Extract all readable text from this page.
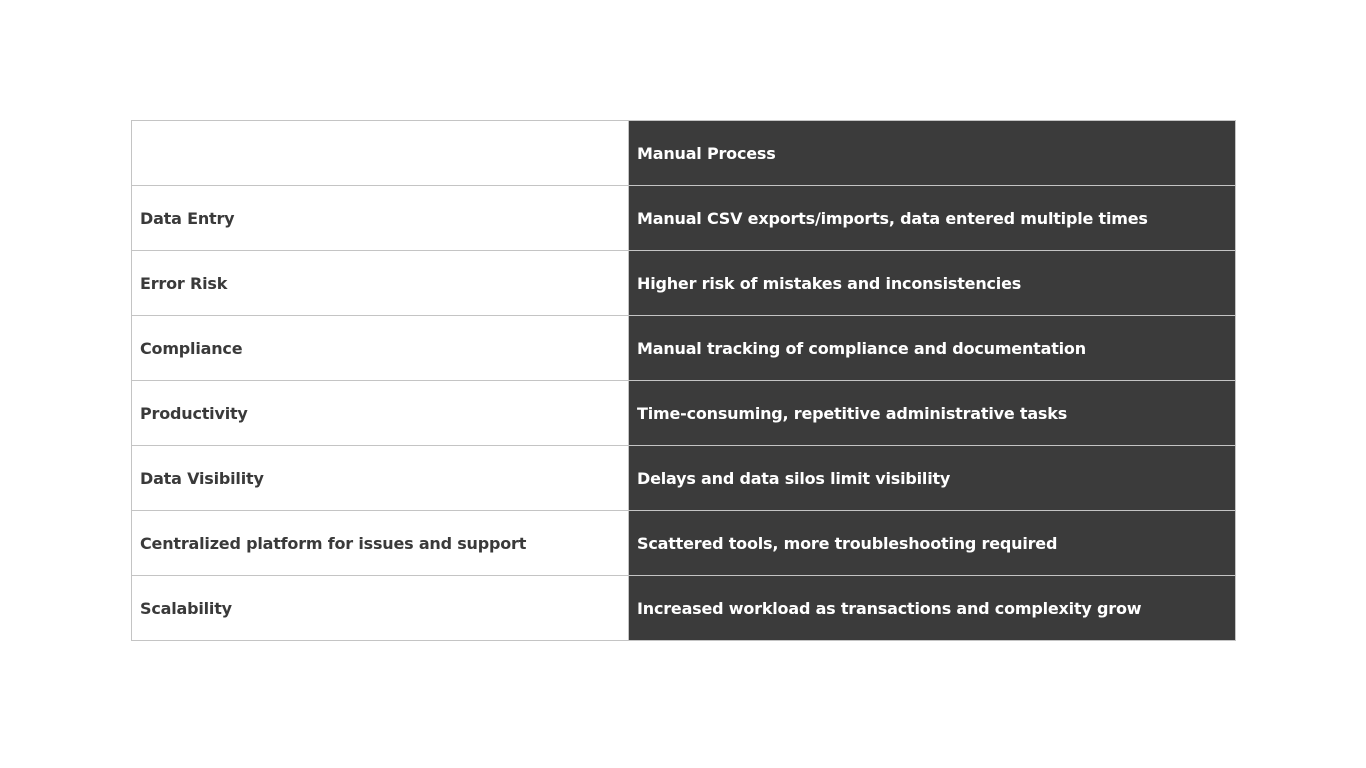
	Manual Process
Data Entry	Manual CSV exports/imports, data entered multiple times
Error Risk	Higher risk of mistakes and inconsistencies
Compliance	Manual tracking of compliance and documentation
Productivity	Time-consuming, repetitive administrative tasks
Data Visibility	Delays and data silos limit visibility
Centralized platform for issues and support	Scattered tools, more troubleshooting required
Scalability	Increased workload as transactions and complexity grow
